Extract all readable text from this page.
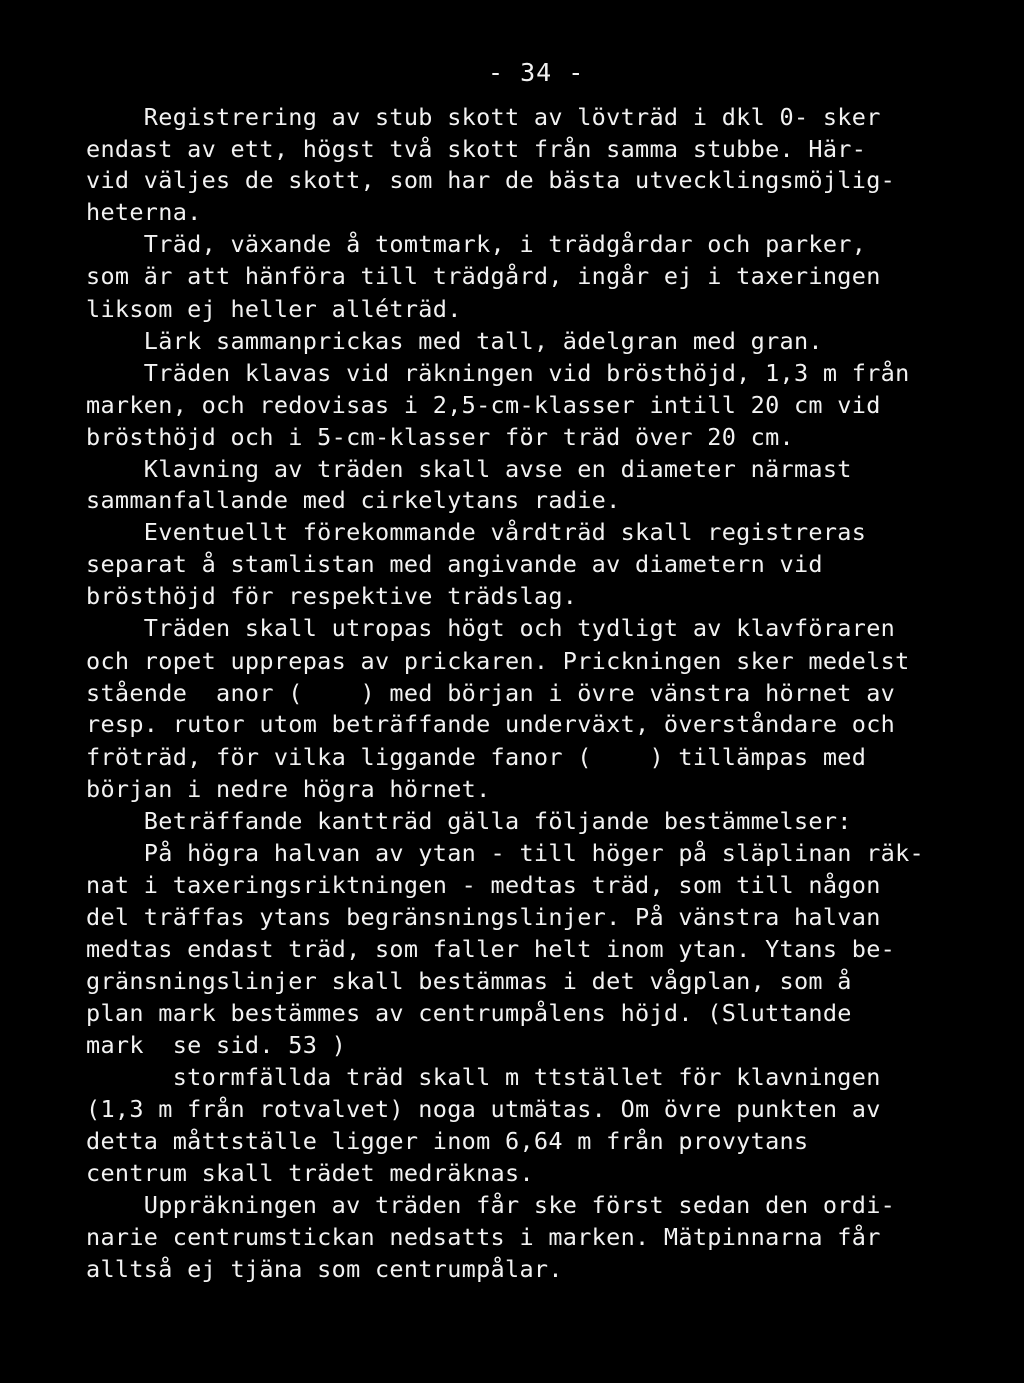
- 34 -
Registrering av stub skott av lövträd i dkl 0- sker
endast av ett, högst två skott från samma stubbe. Här-
vid väljes de skott, som har de bästa utvecklingsmöjlig-
heterna.
Träd, växande å tomtmark, i trädgårdar och parker,
som är att hänföra till trädgård, ingår ej i taxeringen
liksom ej heller alléträd.
Lärk sammanprickas med tall, ädelgran med gran.
Träden klavas vid räkningen vid brösthöjd, 1,3 m från
marken, och redovisas i 2,5-cm-klasser intill 20 cm vid
brösthöjd och i 5-cm-klasser för träd över 20 cm.
Klavning av träden skall avse en diameter närmast
sammanfallande med cirkelytans radie.
Eventuellt förekommande vårdträd skall registreras
separat å stamlistan med angivande av diametern vid
brösthöjd för respektive trädslag.
Träden skall utropas högt och tydligt av klavföraren
och ropet upprepas av prickaren. Prickningen sker medelst
stående  anor (    ) med början i övre vänstra hörnet av
resp. rutor utom beträffande underväxt, överståndare och
fröträd, för vilka liggande fanor (    ) tillämpas med
början i nedre högra hörnet.
Beträffande kantträd gälla följande bestämmelser:
På högra halvan av ytan - till höger på släplinan räk-
nat i taxeringsriktningen - medtas träd, som till någon
del träffas ytans begränsningslinjer. På vänstra halvan
medtas endast träd, som faller helt inom ytan. Ytans be-
gränsningslinjer skall bestämmas i det vågplan, som å
plan mark bestämmes av centrumpålens höjd. (Sluttande
mark  se sid. 53 )
stormfällda träd skall m ttstället för klavningen
(1,3 m från rotvalvet) noga utmätas. Om övre punkten av
detta måttställe ligger inom 6,64 m från provytans
centrum skall trädet medräknas.
Uppräkningen av träden får ske först sedan den ordi-
narie centrumstickan nedsatts i marken. Mätpinnarna får
alltså ej tjäna som centrumpålar.
